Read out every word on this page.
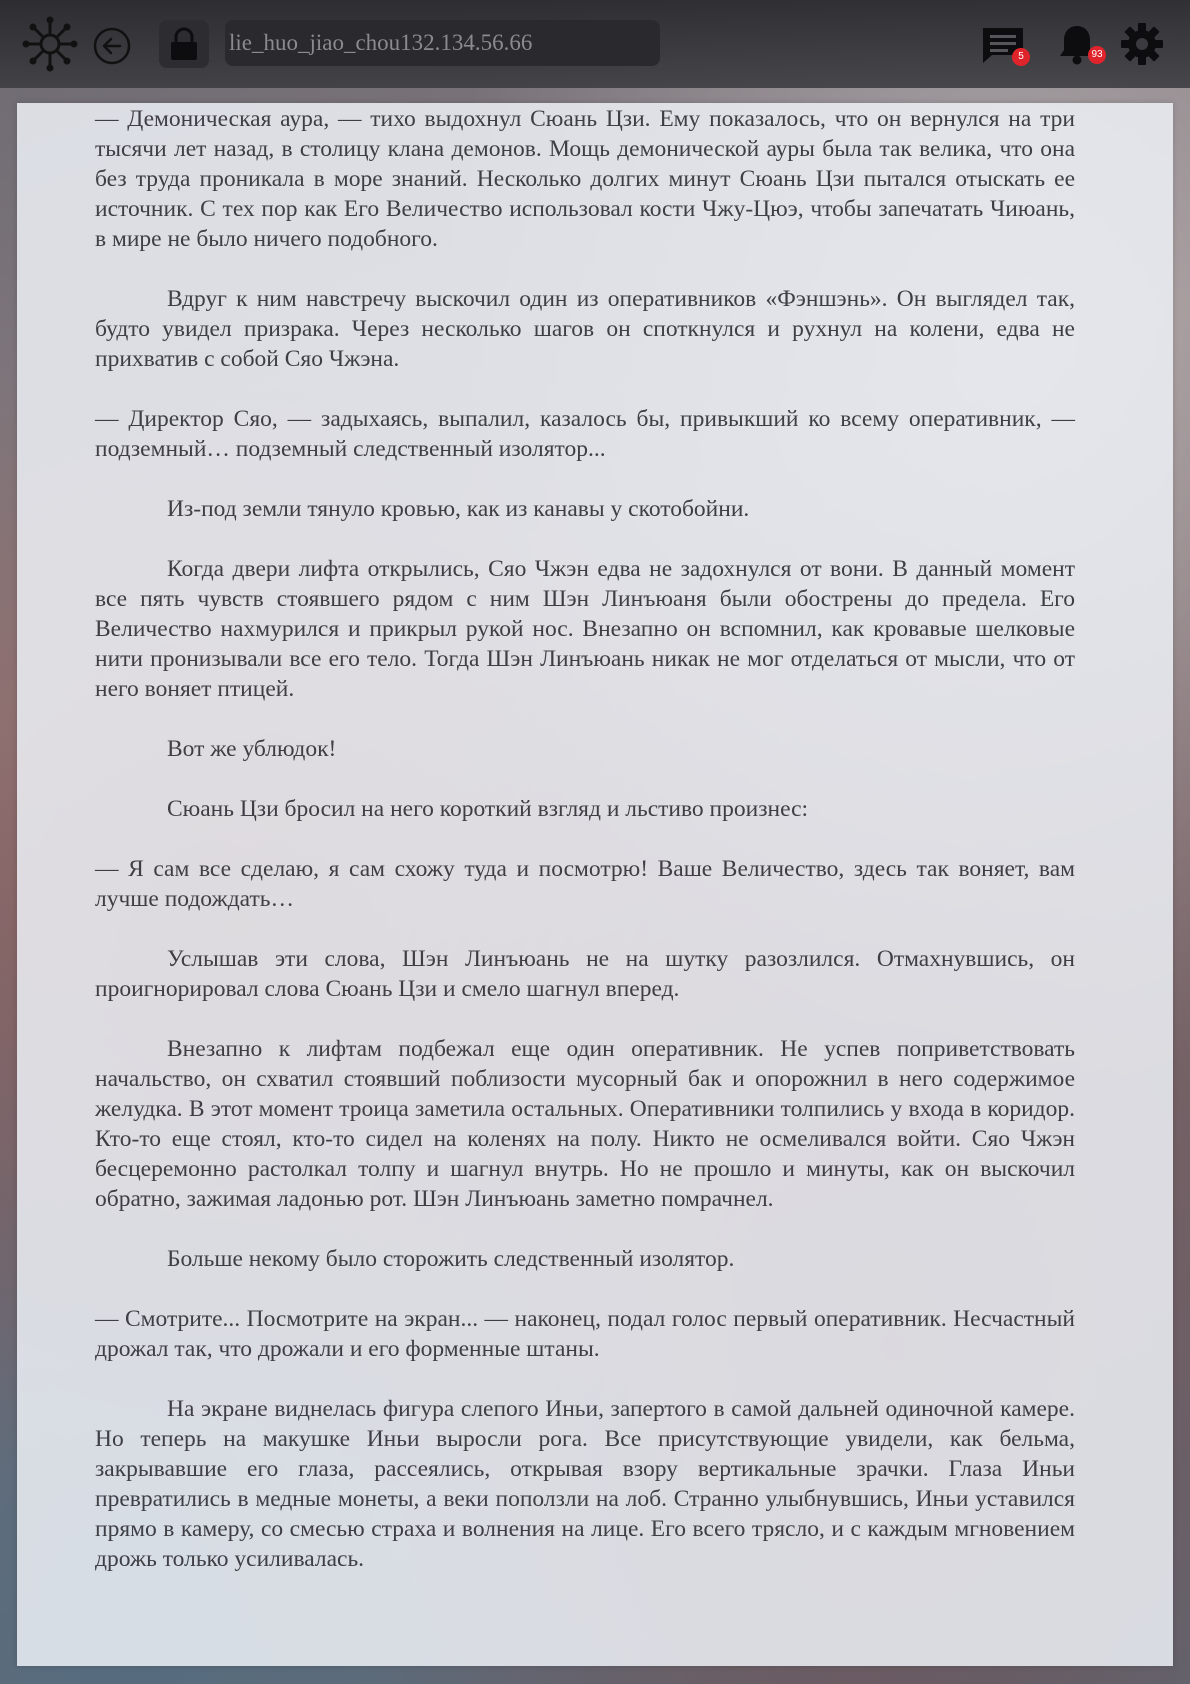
lie_huo_jiao_chou132.134.56.66
5	93

— Демоническая аура, — тихо выдохнул Сюань Цзи. Ему показалось, что он вернулся на три тысячи лет назад, в столицу клана демонов. Мощь демонической ауры была так велика, что она без труда проникала в море знаний. Несколько долгих минут Сюань Цзи пытался отыскать ее источник. С тех пор как Его Величество использовал кости Чжу-Цюэ, чтобы запечатать Чиюань, в мире не было ничего подобного.

Вдруг к ним навстречу выскочил один из оперативников «Фэншэнь». Он выглядел так, будто увидел призрака. Через несколько шагов он споткнулся и рухнул на колени, едва не прихватив с собой Сяо Чжэна.

— Директор Сяо, — задыхаясь, выпалил, казалось бы, привыкший ко всему оперативник, — подземный… подземный следственный изолятор...

Из-под земли тянуло кровью, как из канавы у скотобойни.

Когда двери лифта открылись, Сяо Чжэн едва не задохнулся от вони. В данный момент все пять чувств стоявшего рядом с ним Шэн Линъюаня были обострены до предела. Его Величество нахмурился и прикрыл рукой нос. Внезапно он вспомнил, как кровавые шелковые нити пронизывали все его тело. Тогда Шэн Линъюань никак не мог отделаться от мысли, что от него воняет птицей.

Вот же ублюдок!

Сюань Цзи бросил на него короткий взгляд и льстиво произнес:

— Я сам все сделаю, я сам схожу туда и посмотрю! Ваше Величество, здесь так воняет, вам лучше подождать…

Услышав эти слова, Шэн Линъюань не на шутку разозлился. Отмахнувшись, он проигнорировал слова Сюань Цзи и смело шагнул вперед.

Внезапно к лифтам подбежал еще один оперативник. Не успев поприветствовать начальство, он схватил стоявший поблизости мусорный бак и опорожнил в него содержимое желудка. В этот момент троица заметила остальных. Оперативники толпились у входа в коридор. Кто-то еще стоял, кто-то сидел на коленях на полу. Никто не осмеливался войти. Сяо Чжэн бесцеремонно растолкал толпу и шагнул внутрь. Но не прошло и минуты, как он выскочил обратно, зажимая ладонью рот. Шэн Линъюань заметно помрачнел.

Больше некому было сторожить следственный изолятор.

— Смотрите... Посмотрите на экран... — наконец, подал голос первый оперативник. Несчастный дрожал так, что дрожали и его форменные штаны.

На экране виднелась фигура слепого Иньи, запертого в самой дальней одиночной камере. Но теперь на макушке Иньи выросли рога. Все присутствующие увидели, как бельма, закрывавшие его глаза, рассеялись, открывая взору вертикальные зрачки. Глаза Иньи превратились в медные монеты, а веки поползли на лоб. Странно улыбнувшись, Иньи уставился прямо в камеру, со смесью страха и волнения на лице. Его всего трясло, и с каждым мгновением дрожь только усиливалась.
